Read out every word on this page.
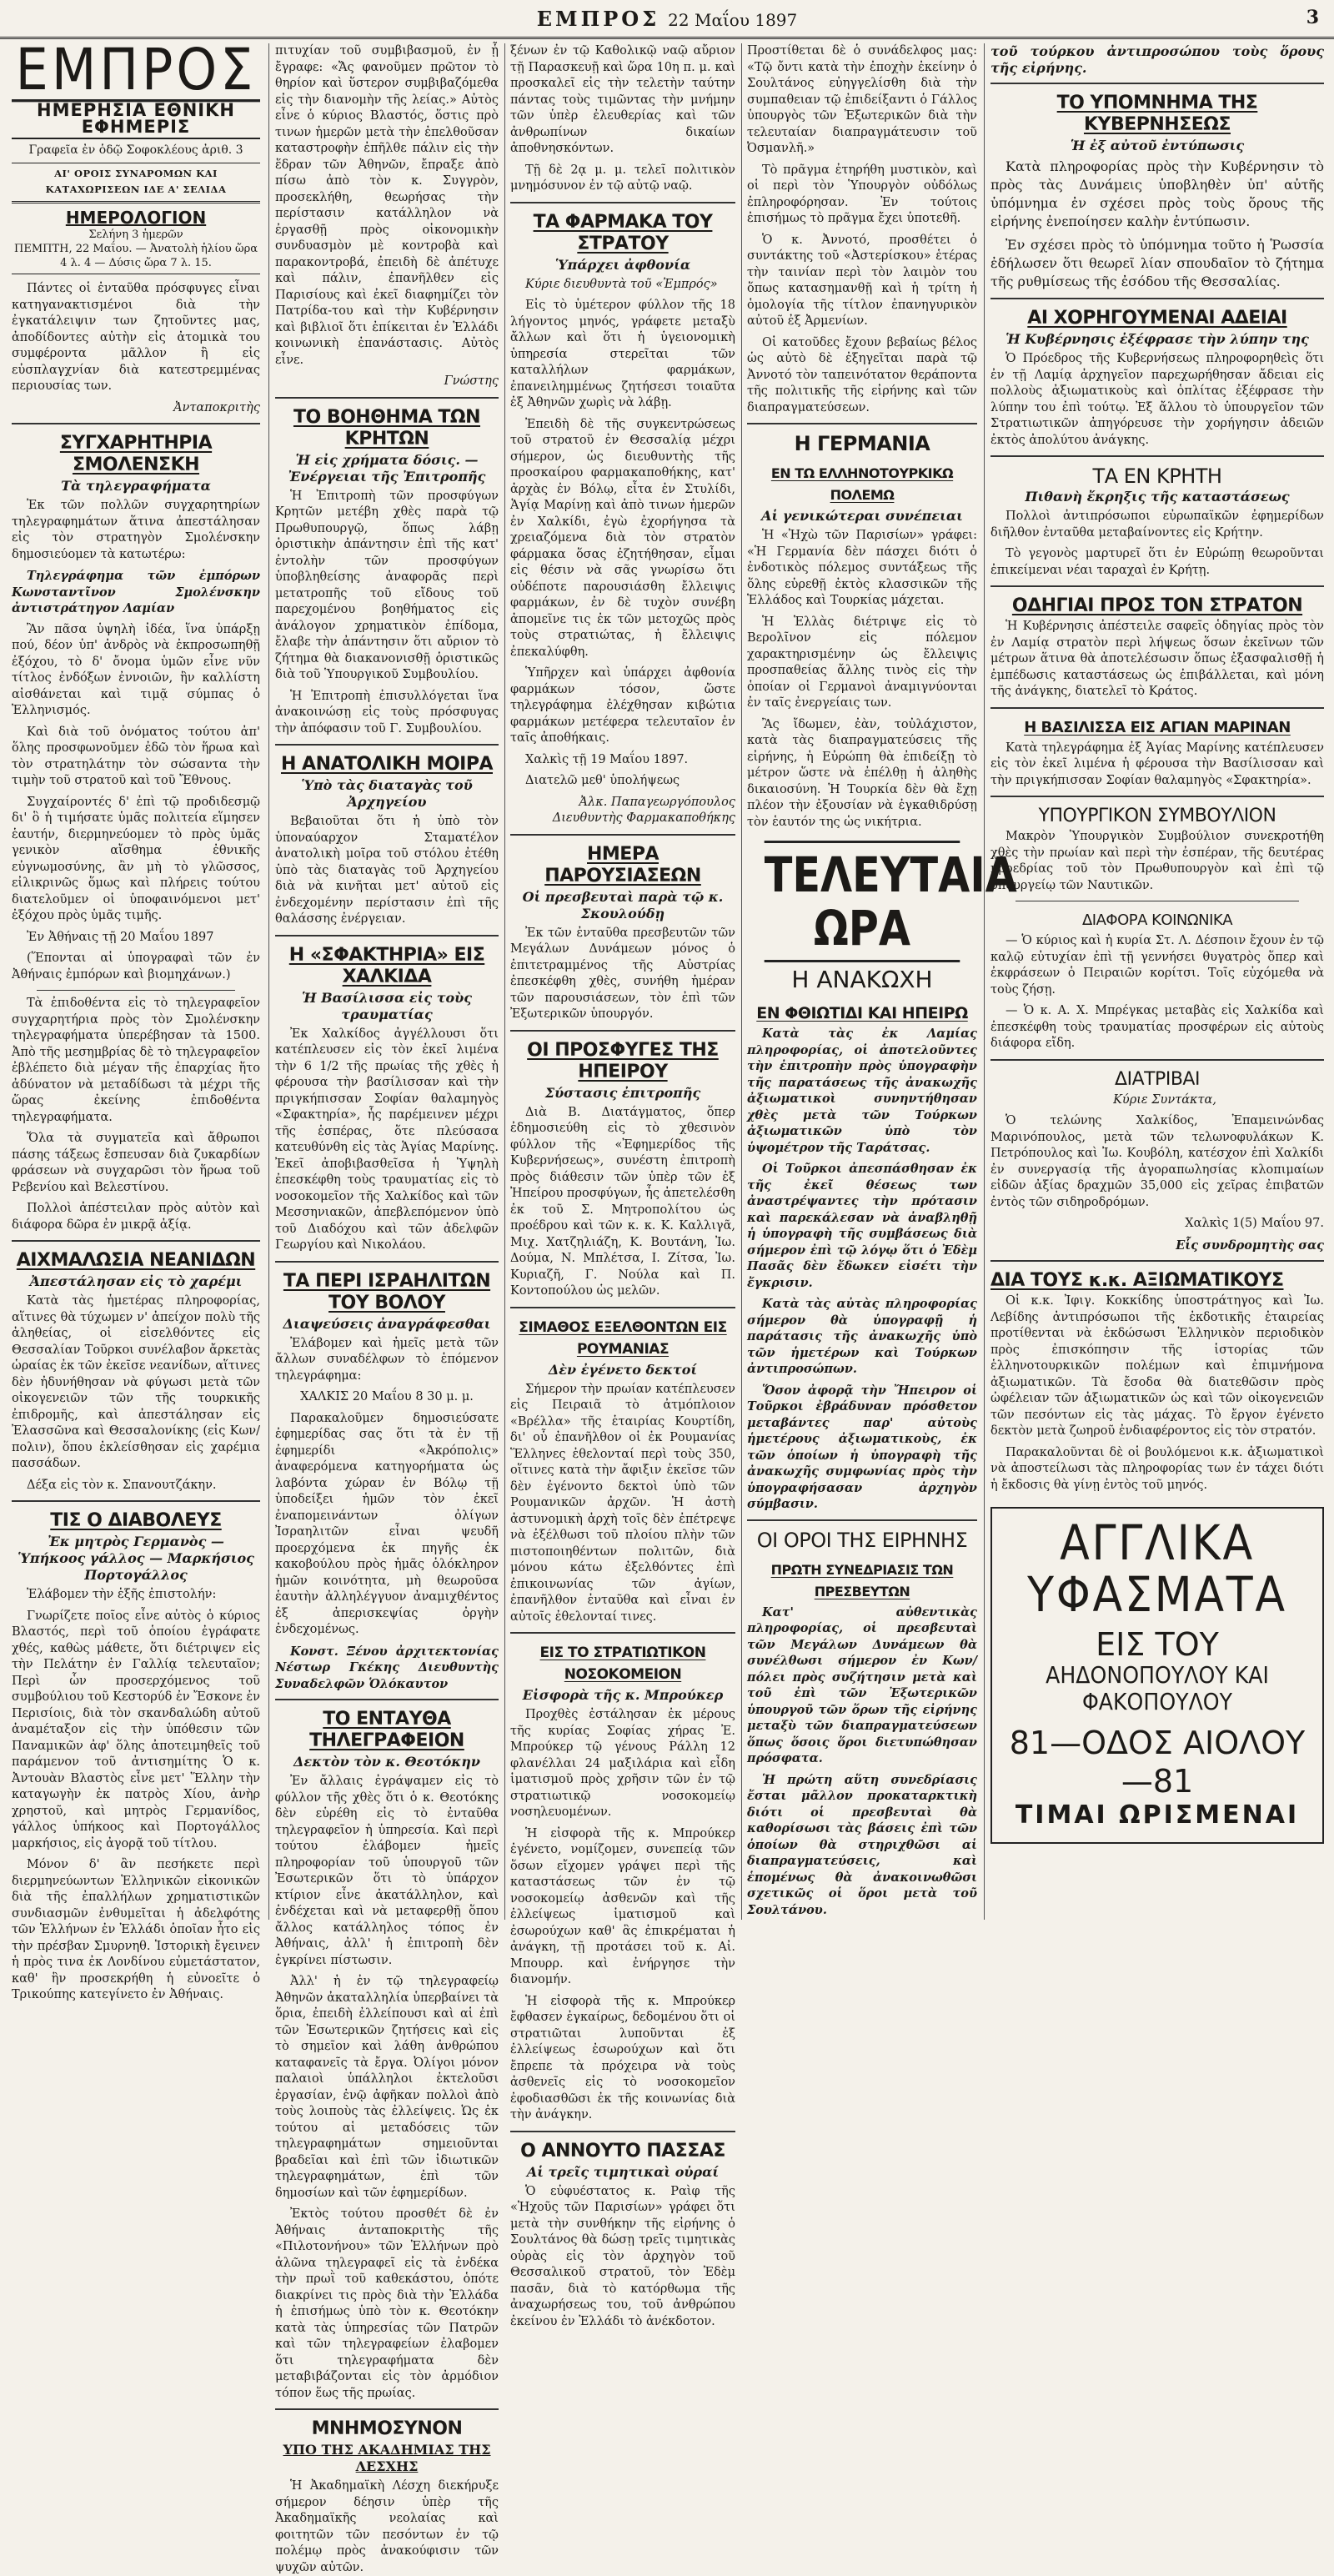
ΕΜΠΡΟΣ 22 Μαΐου 1897	3
ΕΜΠΡΟΣ
ΗΜΕΡΗΣΙΑ ΕΘΝΙΚΗ ΕΦΗΜΕΡΙΣ
Γραφεῖα ἐν ὁδῷ Σοφοκλέους ἀριθ. 3
ΑΙ' ΟΡΟΙΣ ΣΥΝΑΡΟΜΩΝ ΚΑΙ ΚΑΤΑΧΩΡΙΣΕΩΝ ΙΔΕ Α' ΣΕΛΙΔΑ
ΗΜΕΡΟΛΟΓΙΟΝ
Σελήνη 3 ἡμερῶν
ΠΕΜΠΤΗ, 22 Μαΐου. — Ἀνατολὴ ἡλίου ὥρα 4 λ. 4 — Δύσις ὥρα 7 λ. 15.

Πάντες οἱ ἐνταῦθα πρόσφυγες εἶναι κατηγανακτισμένοι διὰ τὴν ἐγκατάλειψιν των ζητοῦντες μας, ἀποδίδοντες αὐτὴν εἰς ἀτομικὰ του συμφέροντα μᾶλλον ἢ εἰς εὐσπλαγχνίαν διὰ κατεστρεμμένας περιουσίας των.

Ἀνταποκριτὴς
ΣΥΓΧΑΡΗΤΗΡΙΑ ΣΜΟΛΕΝΣΚΗ
Τὰ τηλεγραφήματα

Ἐκ τῶν πολλῶν συγχαρητηρίων τηλεγραφημάτων ἅτινα ἀπεστάλησαν εἰς τὸν στρατηγὸν Σμολένσκην δημοσιεύομεν τὰ κατωτέρω:

Τηλεγράφημα τῶν ἐμπόρων Κωνσταντῖνον Σμολένσκην ἀντιστράτηγον Λαμίαν

Ἂν πᾶσα ὑψηλὴ ἰδέα, ἵνα ὑπάρξῃ πού, δέον ὑπ' ἀνδρὸς νὰ ἐκπροσωπηθῇ ἐξόχου, τὸ δ' ὄνομα ὑμῶν εἶνε νῦν τίτλος ἐνδόξων ἐννοιῶν, ἣν καλλίστη αἰσθάνεται καὶ τιμᾷ σύμπας ὁ Ἑλληνισμός.

Καὶ διὰ τοῦ ὀνόματος τούτου ἀπ' ὅλης προσφωνοῦμεν ἐδῶ τὸν ἥρωα καὶ τὸν στρατηλάτην τὸν σώσαντα τὴν τιμὴν τοῦ στρατοῦ καὶ τοῦ Ἔθνους.

Συγχαίροντές δ' ἐπὶ τῷ προδιδεσμῷ δι' ὃ ἡ τιμήσατε ὑμᾶς πολιτεία εἵμησεν ἑαυτήν, διερμηνεύομεν τὸ πρὸς ὑμᾶς γενικὸν αἴσθημα ἐθνικῆς εὐγνωμοσύνης, ἂν μὴ τὸ γλῶσσος, εἰλικρινῶς ὅμως καὶ πλήρεις τούτου διατελοῦμεν οἱ ὑποφαινόμενοι μετ' ἐξόχου πρὸς ὑμᾶς τιμῆς.

Ἐν Ἀθήναις τῇ 20 Μαΐου 1897

(Ἕπονται αἱ ὑπογραφαὶ τῶν ἐν Ἀθήναις ἐμπόρων καὶ βιομηχάνων.)

Τὰ ἐπιδοθέντα εἰς τὸ τηλεγραφεῖον συγχαρητήρια πρὸς τὸν Σμολένσκην τηλεγραφήματα ὑπερέβησαν τὰ 1500. Ἀπὸ τῆς μεσημβρίας δὲ τὸ τηλεγραφεῖον ἐβλέπετο διὰ μέγαν τῆς ἐπαρχίας ἥτο ἀδύνατον νὰ μεταδίδωσι τὰ μέχρι τῆς ὥρας ἐκείνης ἐπιδοθέντα τηλεγραφήματα.

Ὅλα τὰ συγματεῖα καὶ ἄθρωποι πάσης τάξεως ἔσπευσαν διὰ ζυκαρδίων φράσεων νὰ συγχαρῶσι τὸν ἥρωα τοῦ Ρεβενίου καὶ Βελεστίνου.

Πολλοὶ ἀπέστειλαν πρὸς αὐτὸν καὶ διάφορα δῶρα ἐν μικρᾷ ἀξίᾳ.

ΑΙΧΜΑΛΩΣΙΑ ΝΕΑΝΙΔΩΝ
Ἀπεστάλησαν εἰς τὸ χαρέμι

Κατὰ τὰς ἡμετέρας πληροφορίας, αἵτινες θὰ τύχωμεν ν' ἀπείχον πολὺ τῆς ἀληθείας, οἱ εἰσελθόντες εἰς Θεσσαλίαν Τοῦρκοι συνέλαβον ἄρκετὰς ὡραίας ἐκ τῶν ἐκεῖσε νεανίδων, αἵτινες δὲν ἠδυνήθησαν νὰ φύγωσι μετὰ τῶν οἰκογενειῶν τῶν τῆς τουρκικῆς ἐπιδρομῆς, καὶ ἀπεστάλησαν εἰς Ἐλασσῶνα καὶ Θεσσαλονίκης (εἰς Κων/πολιν), ὅπου ἐκλείσθησαν εἰς χαρέμια πασσάδων.

Δέξα εἰς τὸν κ. Σπανουτζάκην.

ΤΙΣ Ο ΔΙΑΒΟΛΕΥΣ
Ἐκ μητρὸς Γερμανὸς — Ὑπήκοος γάλλος — Μαρκήσιος Πορτογάλλος

Ἐλάβομεν τὴν ἑξῆς ἐπιστολήν:

Γνωρίζετε ποῖος εἶνε αὐτὸς ὁ κύριος Βλαστός, περὶ τοῦ ὁποίου ἐγράφατε χθές, καθὼς μάθετε, ὅτι διέτριψεν εἰς τὴν Πελάτην ἐν Γαλλίᾳ τελευταῖον; Περὶ ὧν προσερχόμενος τοῦ συμβούλιου τοῦ Κεστορύδ ἐν Ἔσκονε ἐν Περισίοις, διὰ τὸν σκανδαλώδη αὐτοῦ ἀναμέταξον εἰς τὴν ὑπόθεσιν τῶν Παναμικῶν ἀφ' ὅλης ἀποτειμηθεῖς τοῦ παράμενον τοῦ ἀντισημίτης Ὁ κ. Ἀντουὰν Βλαστὸς εἶνε μετ' Ἕλλην τὴν καταγωγὴν ἐκ πατρὸς Χίου, ἀνὴρ χρηστοῦ, καὶ μητρὸς Γερμανίδος, γάλλος ὑπήκοος καὶ Πορτογάλλος μαρκήσιος, εἰς ἀγορᾷ τοῦ τίτλου.

Μόνον δ' ἂν πεσήκετε περὶ διερμηνεύωντων Ἑλληνικῶν εἰκονικῶν διὰ τῆς ἐπαλλήλων χρηματιστικῶν συνδιασμῶν ἐνθυμεῖται ἡ ἀδελφότης τῶν Ἑλλήνων ἐν Ἑλλάδι ὁποῖαν ἦτο εἰς τὴν πρέσβαν Σμυρνηθ. Ἱστορικὴ ἔγεινεν ἡ πρὸς τινα ἐκ Λονδίνου εὐμετάστατον, καθ' ἣν προσεκρήθη ἡ εὐνοεῖτε ὁ Τρικούπης κατεγίνετο ἐν Ἀθήναις.

πιτυχίαν τοῦ συμβιβασμοῦ, ἐν ᾗ ἔγραφε: «Ἄς φανοῦμεν πρῶτον τὸ θηρίον καὶ ὕστερον συμβιβαζόμεθα εἰς τὴν διανομὴν τῆς λείας.» Αὐτὸς εἶνε ὁ κύριος Βλαστός, ὅστις πρὸ τινων ἡμερῶν μετὰ τὴν ἐπελθοῦσαν καταστροφὴν ἐπῆλθε πάλιν εἰς τὴν ἕδραν τῶν Ἀθηνῶν, ἔπραξε ἀπὸ πίσω ἀπὸ τὸν κ. Συγγρὸν, προσεκλήθη, θεωρήσας τὴν περίστασιν κατάλληλον νὰ ἐργασθῇ πρὸς οἰκονομικὴν συνδυασμὸν μὲ κοντροβὰ καὶ παρακοντροβά, ἐπειδὴ δὲ ἀπέτυχε καὶ πάλιν, ἐπανῆλθεν εἰς Παρισίους καὶ ἐκεῖ διαφημίζει τὸν Πατρίδα-του καὶ τὴν Κυβέρνησιν καὶ βιβλιοῖ ὅτι ἐπίκειται ἐν Ἑλλάδι κοινωνικὴ ἐπανάστασις. Αὐτὸς εἶνε.

Γνώστης
ΤΟ ΒΟΗΘΗΜΑ ΤΩΝ ΚΡΗΤΩΝ
Ἡ εἰς χρήματα δόσις. — Ἐνέργειαι τῆς Ἐπιτροπῆς

Ἡ Ἐπιτροπὴ τῶν προσφύγων Κρητῶν μετέβη χθὲς παρὰ τῷ Πρωθυπουργῷ, ὅπως λάβῃ ὁριστικὴν ἀπάντησιν ἐπὶ τῆς κατ' ἐντολὴν τῶν προσφύγων ὑποβληθείσης ἀναφορᾶς περὶ μετατροπῆς τοῦ εἴδους τοῦ παρεχομένου βοηθήματος εἰς ἀνάλογον χρηματικὸν ἐπίδομα, ἔλαβε τὴν ἀπάντησιν ὅτι αὔριον τὸ ζήτημα θὰ διακανονισθῇ ὁριστικῶς διὰ τοῦ Ὑπουργικοῦ Συμβουλίου.

Ἡ Ἐπιτροπὴ ἐπισυλλόγεται ἵνα ἀνακοινώσῃ εἰς τοὺς πρόσφυγας τὴν ἀπόφασιν τοῦ Γ. Συμβουλίου.

Η ΑΝΑΤΟΛΙΚΗ ΜΟΙΡΑ
Ὑπὸ τὰς διαταγὰς τοῦ Ἀρχηγείου

Βεβαιοῦται ὅτι ἡ ὑπὸ τὸν ὑποναύαρχον Σταματέλον ἀνατολικὴ μοῖρα τοῦ στόλου ἐτέθη ὑπὸ τὰς διαταγὰς τοῦ Ἀρχηγείου διὰ νὰ κινῆται μετ' αὐτοῦ εἰς ἐνδεχομένην περίστασιν ἐπὶ τῆς θαλάσσης ἐνέργειαν.

Η «ΣΦΑΚΤΗΡΙΑ» ΕΙΣ ΧΑΛΚΙΔΑ
Ἡ Βασίλισσα εἰς τοὺς τραυματίας

Ἐκ Χαλκίδος ἀγγέλλουσι ὅτι κατέπλευσεν εἰς τὸν ἐκεῖ λιμένα τὴν 6 1/2 τῆς πρωίας τῆς χθὲς ἡ φέρουσα τὴν βασίλισσαν καὶ τὴν πριγκήπισσαν Σοφίαν θαλαμηγὸς «Σφακτηρία», ἧς παρέμεινεν μέχρι τῆς ἑσπέρας, ὅτε πλεύσασα κατευθύνθη εἰς τὰς Ἁγίας Μαρίνης. Ἐκεῖ ἀποβιβασθεῖσα ἡ Ὑψηλὴ ἐπεσκέφθη τοὺς τραυματίας εἰς τὸ νοσοκομεῖον τῆς Χαλκίδος καὶ τῶν Μεσσηνιακῶν, ἀπεβλεπόμενον ὑπὸ τοῦ Διαδόχου καὶ τῶν ἀδελφῶν Γεωργίου καὶ Νικολάου.

ΤΑ ΠΕΡΙ ΙΣΡΑΗΛΙΤΩΝ ΤΟΥ ΒΟΛΟΥ
Διαψεύσεις ἀναγράφεσθαι

Ἐλάβομεν καὶ ἡμεῖς μετὰ τῶν ἄλλων συναδέλφων τὸ ἑπόμενον τηλεγράφημα:

ΧΑΛΚΙΣ 20 Μαΐου 8 30 μ. μ.

Παρακαλοῦμεν δημοσιεύσατε ἐφημερίδας σας ὅτι τὰ ἐν τῇ ἐφημερίδι «Ἀκρόπολις» ἀναφερόμενα κατηγορήματα ὡς λαβόντα χώραν ἐν Βόλῳ τῇ ὑποδείξει ἡμῶν τὸν ἐκεῖ ἐναπομεινάντων ὀλίγων Ἰσραηλιτῶν εἶναι ψευδῆ προερχόμενα ἐκ πηγῆς ἐκ κακοβούλου πρὸς ἡμᾶς ὁλόκληρον ἡμῶν κοινότητα, μὴ θεωροῦσα ἑαυτὴν ἀλληλέγγυον ἀναμιχθέντος ἐξ ἀπερισκεψίας ὀργὴν ἐνδεχομένως.

Κονστ. Ξένου ἀρχιτεκτονίας Νέστωρ Γκέκης Διευθυντὴς Συναδελφῶν Ὁλόκαυτον

ΤΟ ΕΝΤΑΥΘΑ ΤΗΛΕΓΡΑΦΕΙΟΝ
Δεκτὸν τὸν κ. Θεοτόκην

Ἐν ἄλλαις ἐγράψαμεν εἰς τὸ φύλλον τῆς χθὲς ὅτι ὁ κ. Θεοτόκης δὲν εὑρέθη εἰς τὸ ἐνταῦθα τηλεγραφεῖον ἡ ὑπηρεσία. Καὶ περὶ τούτου ἐλάβομεν ἡμεῖς πληροφορίαν τοῦ ὑπουργοῦ τῶν Ἐσωτερικῶν ὅτι τὸ ὑπάρχον κτίριον εἶνε ἀκατάλληλον, καὶ ἐνδέχεται καὶ νὰ μεταφερθῇ ὅπου ἄλλος κατάλληλος τόπος ἐν Ἀθήναις, ἀλλ' ἡ ἐπιτροπὴ δὲν ἐγκρίνει πίστωσιν.

Ἀλλ' ἡ ἐν τῷ τηλεγραφείῳ Ἀθηνῶν ἀκαταλληλία ὑπερβαίνει τὰ ὅρια, ἐπειδὴ ἐλλείπουσι καὶ αἱ ἐπὶ τῶν Ἐσωτερικῶν ζητήσεις καὶ εἰς τὸ σημεῖον καὶ λάθη ἀνθρώπου καταφανεῖς τὰ ἔργα. Ὀλίγοι μόνον παλαιοὶ ὑπάλληλοι ἐκτελοῦσι ἐργασίαν, ἐνῷ ἀφῆκαν πολλοὶ ἀπὸ τοὺς λοιποὺς τὰς ἐλλείψεις. Ὡς ἐκ τούτου αἱ μεταδόσεις τῶν τηλεγραφημάτων σημειοῦνται βραδεῖαι καὶ ἐπὶ τῶν ἰδιωτικῶν τηλεγραφημάτων, ἐπὶ τῶν δημοσίων καὶ τῶν ἐφημερίδων.

Ἐκτὸς τούτου προσθέτ δὲ ἐν Ἀθήναις ἀνταποκριτὴς τῆς «Πιλοτονήνου» τῶν Ἑλλήνων πρὸ ἁλῶνα τηλεγραφεῖ εἰς τὰ ἐνδέκα τὴν πρωῒ τοῦ καθεκάστου, ὁπότε διακρίνει τις πρὸς διὰ τὴν Ἑλλάδα ἡ ἐπισήμως ὑπὸ τὸν κ. Θεοτόκην κατὰ τὰς ὑπηρεσίας τῶν Πατρῶν καὶ τῶν τηλεγραφείων ἐλαβομεν ὅτι τηλεγραφήματα δὲν μεταβιβάζονται εἰς τὸν ἀρμόδιον τόπον ἕως τῆς πρωίας.

ΜΝΗΜΟΣΥΝΟΝ
ΥΠΟ ΤΗΣ ΑΚΑΔΗΜΙΑΣ ΤΗΣ ΛΕΣΧΗΣ

Ἡ Ἀκαδημαϊκὴ Λέσχη διεκήρυξε σήμερον δέησιν ὑπὲρ τῆς Ἀκαδημαϊκῆς νεολαίας καὶ φοιτητῶν τῶν πεσόντων ἐν τῷ πολέμῳ πρὸς ἀνακούφισιν τῶν ψυχῶν αὐτῶν.

ξένων ἐν τῷ Καθολικῷ ναῷ αὔριον τῇ Παρασκευῇ καὶ ὥρα 10η π. μ. καὶ προσκαλεῖ εἰς τὴν τελετὴν ταύτην πάντας τοὺς τιμῶντας τὴν μνήμην τῶν ὑπὲρ ἐλευθερίας καὶ τῶν ἀνθρωπίνων δικαίων ἀποθνησκόντων.

Τῇ δὲ 2ᾳ μ. μ. τελεῖ πολιτικὸν μνημόσυνον ἐν τῷ αὐτῷ ναῷ.

ΤΑ ΦΑΡΜΑΚΑ ΤΟΥ ΣΤΡΑΤΟΥ
Ὑπάρχει ἀφθονία

Κύριε διευθυντὰ τοῦ «Ἐμπρός»

Εἰς τὸ ὑμέτερον φύλλον τῆς 18 λήγοντος μηνός, γράφετε μεταξὺ ἄλλων καὶ ὅτι ἡ ὑγειονομικὴ ὑπηρεσία στερεῖται τῶν καταλλήλων φαρμάκων, ἐπανειλημμένως ζητήσεσι τοιαῦτα ἐξ Ἀθηνῶν χωρὶς νὰ λάβῃ.

Ἐπειδὴ δὲ τῆς συγκεντρώσεως τοῦ στρατοῦ ἐν Θεσσαλίᾳ μέχρι σήμερον, ὡς διευθυντὴς τῆς προσκαίρου φαρμακαποθήκης, κατ' ἀρχὰς ἐν Βόλῳ, εἶτα ἐν Στυλίδι, Ἁγίᾳ Μαρίνῃ καὶ ἀπὸ τινων ἡμερῶν ἐν Χαλκίδι, ἐγὼ ἐχορήγησα τὰ χρειαζόμενα διὰ τὸν στρατὸν φάρμακα ὅσας ἐζητήθησαν, εἶμαι εἰς θέσιν νὰ σᾶς γνωρίσω ὅτι οὐδέποτε παρουσιάσθη ἔλλειψις φαρμάκων, ἐν δὲ τυχὸν συνέβη ἀπομεῖνε τις ἐκ τῶν μετοχῶς πρὸς τοὺς στρατιώτας, ἡ ἔλλειψις ἐπεκαλύφθη.

Ὑπῆρχεν καὶ ὑπάρχει ἀφθονία φαρμάκων τόσον, ὥστε τηλεγράφημα ἐλέχθησαν κιβώτια φαρμάκων μετέφερα τελευταῖον ἐν ταῖς ἀποθήκαις.

Χαλκὶς τῇ 19 Μαΐου 1897.

Διατελῶ μεθ' ὑπολήψεως

Ἀλκ. Παπαγεωργόπουλος Διευθυντὴς Φαρμακαποθήκης
ΗΜΕΡΑ ΠΑΡΟΥΣΙΑΣΕΩΝ
Οἱ πρεσβευταὶ παρὰ τῷ κ. Σκουλούδῃ

Ἐκ τῶν ἐνταῦθα πρεσβευτῶν τῶν Μεγάλων Δυνάμεων μόνος ὁ ἐπιτετραμμένος τῆς Αὐστρίας ἐπεσκέφθη χθὲς, συνήθη ἡμέραν τῶν παρουσιάσεων, τὸν ἐπὶ τῶν Ἐξωτερικῶν ὑπουργόν.

ΟΙ ΠΡΟΣΦΥΓΕΣ ΤΗΣ ΗΠΕΙΡΟΥ
Σύστασις ἐπιτροπῆς

Διὰ Β. Διατάγματος, ὅπερ ἐδημοσιεύθη εἰς τὸ χθεσινὸν φύλλον τῆς «Ἐφημερίδος τῆς Κυβερνήσεως», συνέστη ἐπιτροπὴ πρὸς διάθεσιν τῶν ὑπὲρ τῶν ἐξ Ἠπείρου προσφύγων, ἧς ἀπετελέσθη ἐκ τοῦ Σ. Μητροπολίτου ὡς προέδρου καὶ τῶν κ. κ. Κ. Καλλιγᾶ, Μιχ. Χατζηλιάζη, Κ. Βουτάνη, Ἰω. Δούμα, Ν. Μπλέτσα, Ι. Ζίτσα, Ἰω. Κυριαζῆ, Γ. Νούλα καὶ Π. Κοντοπούλου ὡς μελῶν.

ΣΙΜΑΘΟΣ ΕΞΕΛΘΟΝΤΩΝ ΕΙΣ ΡΟΥΜΑΝΙΑΣ
Δὲν ἐγένετο δεκτοί

Σήμερον τὴν πρωίαν κατέπλευσεν εἰς Πειραιᾶ τὸ ἀτμόπλοιον «Βρέλλα» τῆς ἑταιρίας Κουρτίδη, δι' οὗ ἐπανῆλθον οἱ ἐκ Ρουμανίας Ἕλληνες ἐθελονταί περὶ τοὺς 350, οἵτινες κατὰ τὴν ἄφιξιν ἐκεῖσε τῶν δὲν ἐγένοντο δεκτοὶ ὑπὸ τῶν Ρουμανικῶν ἀρχῶν. Ἡ ἀστὴ ἀστυνομικὴ ἀρχὴ τοῖς δὲν ἐπέτρεψε νὰ ἐξέλθωσι τοῦ πλοίου πλὴν τῶν πιστοποιηθέντων πολιτῶν, διὰ μόνου κάτω ἐξελθόντες ἐπὶ ἐπικοινωνίας τῶν ἀγίων, ἐπανῆλθον ἐνταῦθα καὶ εἶναι ἐν αὐτοῖς ἐθελονταί τινες.

ΕΙΣ ΤΟ ΣΤΡΑΤΙΩΤΙΚΟΝ ΝΟΣΟΚΟΜΕΙΟΝ
Εἰσφορὰ τῆς κ. Μπρούκερ

Προχθὲς ἐστάλησαν ἐκ μέρους τῆς κυρίας Σοφίας χήρας Ἐ. Μπρούκερ τῷ γένους Ράλλη 12 φλανέλλαι 24 μαξιλάρια καὶ εἶδη ἱματισμοῦ πρὸς χρῆσιν τῶν ἐν τῷ στρατιωτικῷ νοσοκομείῳ νοσηλευομένων.

Ἡ εἰσφορὰ τῆς κ. Μπρούκερ ἐγένετο, νομίζομεν, συνεπείᾳ τῶν ὅσων εἴχομεν γράψει περὶ τῆς καταστάσεως τῶν ἐν τῷ νοσοκομείῳ ἀσθενῶν καὶ τῆς ἐλλείψεως ἱματισμοῦ καὶ ἐσωρούχων καθ' ἃς ἐπικρέμαται ἡ ἀνάγκη, τῇ προτάσει τοῦ κ. Αἰ. Μπουρρ. καὶ ἐνήργησε τὴν διανομήν.

Ἡ εἰσφορὰ τῆς κ. Μπρούκερ ἔφθασεν ἐγκαίρως, δεδομένου ὅτι οἱ στρατιῶται λυποῦνται ἐξ ἐλλείψεως ἐσωρούχων καὶ ὅτι ἔπρεπε τὰ πρόχειρα νὰ τοὺς ἀσθενεῖς εἰς τὸ νοσοκομεῖον ἐφοδιασθῶσι ἐκ τῆς κοινωνίας διὰ τὴν ἀνάγκην.

Ο ΑΝΝΟΥΤΟ ΠΑΣΣΑΣ
Αἱ τρεῖς τιμητικαὶ οὐραί

Ὁ εὐφυέστατος κ. Ραὶφ τῆς «Ἡχοῦς τῶν Παρισίων» γράφει ὅτι μετὰ τὴν συνθήκην τῆς εἰρήνης ὁ Σουλτάνος θὰ δώσῃ τρεῖς τιμητικὰς οὐρὰς εἰς τὸν ἀρχηγὸν τοῦ Θεσσαλικοῦ στρατοῦ, τὸν Ἐδὲμ πασᾶν, διὰ τὸ κατόρθωμα τῆς ἀναχωρήσεως του, τοῦ ἀνθρώπου ἐκείνου ἐν Ἑλλάδι τὸ ἀνέκδοτον.

Προστίθεται δὲ ὁ συνάδελφος μας: «Τῷ ὄντι κατὰ τὴν ἐποχὴν ἐκείνην ὁ Σουλτάνος εὐηγγελίσθη διὰ τὴν συμπαθειαν τῷ ἐπιδείξαντι ὁ Γάλλος ὑπουργὸς τῶν Ἐξωτερικῶν διὰ τὴν τελευταίαν διαπραγμάτευσιν τοῦ Ὀσμανλῆ.»

Τὸ πρᾶγμα ἐτηρήθη μυστικὸν, καὶ οἱ περὶ τὸν Ὑπουργὸν οὐδόλως ἐπληροφόρησαν. Ἐν τούτοις ἐπισήμως τὸ πρᾶγμα ἔχει ὑποτεθῆ.

Ὁ κ. Ἀννοτό, προσθέτει ὁ συντάκτης τοῦ «Ἀστερίσκου» ἑτέρας τὴν ταινίαν περὶ τὸν λαιμὸν του ὅπως κατασημανθῇ καὶ ἡ τρίτη ἡ ὁμολογία τῆς τίτλον ἐπανηγυρικὸν αὐτοῦ ἐξ Ἀρμενίων.

Οἱ κατοῦδες ἔχουν βεβαίως βέλος ὡς αὐτὸ δὲ ἐξηγεῖται παρὰ τῷ Ἀννοτό τὸν ταπεινότατον θεράποντα τῆς πολιτικῆς τῆς εἰρήνης καὶ τῶν διαπραγματεύσεων.

Η ΓΕΡΜΑΝΙΑ
ΕΝ ΤΩ ΕΛΛΗΝΟΤΟΥΡΚΙΚΩ ΠΟΛΕΜΩ
Αἱ γενικώτεραι συνέπειαι

Ἡ «Ἠχὼ τῶν Παρισίων» γράφει: «Ἡ Γερμανία δὲν πάσχει διότι ὁ ἐνδοτικὸς πόλεμος συντάξεως τῆς ὅλης εὑρεθῇ ἐκτὸς κλασσικῶν τῆς Ἑλλάδος καὶ Τουρκίας μάχεται.

Ἡ Ἑλλὰς διέτριψε εἰς τὸ Βερολῖνον εἰς πόλεμον χαρακτηρισμένην ὡς ἔλλειψις προσπαθείας ἄλλης τινὸς εἰς τὴν ὁποίαν οἱ Γερμανοὶ ἀναμιγνύονται ἐν ταῖς ἐνεργείαις των.

Ἂς ἴδωμεν, ἐὰν, τοὐλάχιστον, κατὰ τὰς διαπραγματεύσεις τῆς εἰρήνης, ἡ Εὐρώπη θὰ ἐπιδείξῃ τὸ μέτρον ὥστε νὰ ἐπέλθῃ ἡ ἀληθὴς δικαιοσύνη. Ἡ Τουρκία δὲν θὰ ἔχῃ πλέον τὴν ἐξουσίαν νὰ ἐγκαθιδρύσῃ τὸν ἑαυτόν της ὡς νικήτρια.

ΤΕΛΕΥΤΑΙΑ ΩΡΑ
Η ΑΝΑΚΩΧΗ
ΕΝ ΦΘΙΩΤΙΔΙ ΚΑΙ ΗΠΕΙΡΩ

Κατὰ τὰς ἐκ Λαμίας πληροφορίας, οἱ ἀποτελοῦντες τὴν ἐπιτροπὴν πρὸς ὑπογραφὴν τῆς παρατάσεως τῆς ἀνακωχῆς ἀξιωματικοὶ συνηντήθησαν χθὲς μετὰ τῶν Τούρκων ἀξιωματικῶν ὑπὸ τὸν ὑψομέτρον τῆς Ταράτσας.

Οἱ Τοῦρκοι ἀπεσπάσθησαν ἐκ τῆς ἐκεῖ θέσεως των ἀναστρέψαντες τὴν πρότασιν καὶ παρεκάλεσαν νὰ ἀναβληθῇ ἡ ὑπογραφὴ τῆς συμβάσεως διὰ σήμερον ἐπὶ τῷ λόγῳ ὅτι ὁ Ἐδὲμ Πασᾶς δὲν ἔδωκεν εἰσέτι τὴν ἔγκρισιν.

Κατὰ τὰς αὐτὰς πληροφορίας σήμερον θὰ ὑπογραφῇ ἡ παράτασις τῆς ἀνακωχῆς ὑπὸ τῶν ἡμετέρων καὶ Τούρκων ἀντιπροσώπων.

Ὅσον ἀφορᾷ τὴν Ἤπειρον οἱ Τοῦρκοι ἐβράδυναν πρόσθετον μεταβάντες παρ' αὐτοὺς ἡμετέρους ἀξιωματικοὺς, ἐκ τῶν ὁποίων ἡ ὑπογραφὴ τῆς ἀνακωχῆς συμφωνίας πρὸς τὴν ὑπογραφήσασαν ἀρχηγὸν σύμβασιν.

ΟΙ ΟΡΟΙ ΤΗΣ ΕΙΡΗΝΗΣ
ΠΡΩΤΗ ΣΥΝΕΔΡΙΑΣΙΣ ΤΩΝ ΠΡΕΣΒΕΥΤΩΝ

Κατ' αὐθεντικὰς πληροφορίας, οἱ πρεσβευταὶ τῶν Μεγάλων Δυνάμεων θὰ συνέλθωσι σήμερον ἐν Κων/πόλει πρὸς συζήτησιν μετὰ καὶ τοῦ ἐπὶ τῶν Ἐξωτερικῶν ὑπουργοῦ τῶν ὅρων τῆς εἰρήνης μεταξὺ τῶν διαπραγματεύσεων ὅπως ὅσοις ὅροι διετυπώθησαν πρόσφατα.

Ἡ πρώτη αὕτη συνεδρίασις ἔσται μᾶλλον προκαταρκτικὴ διότι οἱ πρεσβευταὶ θὰ καθορίσωσι τὰς βάσεις ἐπὶ τῶν ὁποίων θὰ στηριχθῶσι αἱ διαπραγματεύσεις, καὶ ἑπομένως θὰ ἀνακοινωθῶσι σχετικῶς οἱ ὅροι μετὰ τοῦ Σουλτάνου.

τοῦ τούρκου ἀντιπροσώπου τοὺς ὅρους τῆς εἰρήνης.

ΤΟ ΥΠΟΜΝΗΜΑ ΤΗΣ ΚΥΒΕΡΝΗΣΕΩΣ
Ἡ ἐξ αὐτοῦ ἐντύπωσις

Κατὰ πληροφορίας πρὸς τὴν Κυβέρνησιν τὸ πρὸς τὰς Δυνάμεις ὑποβληθὲν ὑπ' αὐτῆς ὑπόμνημα ἐν σχέσει πρὸς τοὺς ὅρους τῆς εἰρήνης ἐνεποίησεν καλὴν ἐντύπωσιν.

Ἐν σχέσει πρὸς τὸ ὑπόμνημα τοῦτο ἡ Ῥωσσία ἐδήλωσεν ὅτι θεωρεῖ λίαν σπουδαῖον τὸ ζήτημα τῆς ρυθμίσεως τῆς ἐσόδου τῆς Θεσσαλίας.

ΑΙ ΧΟΡΗΓΟΥΜΕΝΑΙ ΑΔΕΙΑΙ
Ἡ Κυβέρνησις ἐξέφρασε τὴν λύπην της

Ὁ Πρόεδρος τῆς Κυβερνήσεως πληροφορηθεὶς ὅτι ἐν τῇ Λαμίᾳ ἀρχηγεῖον παρεχωρήθησαν ἄδειαι εἰς πολλοὺς ἀξιωματικοὺς καὶ ὁπλίτας ἐξέφρασε τὴν λύπην του ἐπὶ τούτῳ. Ἐξ ἄλλου τὸ ὑπουργεῖον τῶν Στρατιωτικῶν ἀπηγόρευσε τὴν χορήγησιν ἀδειῶν ἐκτὸς ἀπολύτου ἀνάγκης.

ΤΑ ΕΝ ΚΡΗΤΗ
Πιθανὴ ἔκρηξις τῆς καταστάσεως

Πολλοὶ ἀντιπρόσωποι εὐρωπαϊκῶν ἐφημερίδων διῆλθον ἐνταῦθα μεταβαίνοντες εἰς Κρήτην.

Τὸ γεγονὸς μαρτυρεῖ ὅτι ἐν Εὐρώπῃ θεωροῦνται ἐπικείμεναι νέαι ταραχαὶ ἐν Κρήτῃ.

ΟΔΗΓΙΑΙ ΠΡΟΣ ΤΟΝ ΣΤΡΑΤΟΝ

Ἡ Κυβέρνησις ἀπέστειλε σαφεῖς ὁδηγίας πρὸς τὸν ἐν Λαμίᾳ στρατὸν περὶ λήψεως ὅσων ἐκεῖνων τῶν μέτρων ἅτινα θὰ ἀποτελέσωσιν ὅπως ἐξασφαλισθῇ ἡ ἐμπέδωσις καταστάσεως ὡς ἐπιβάλλεται, καὶ μόνη τῆς ἀνάγκης, διατελεῖ τὸ Κράτος.

Η ΒΑΣΙΛΙΣΣΑ ΕΙΣ ΑΓΙΑΝ ΜΑΡΙΝΑΝ

Κατὰ τηλεγράφημα ἐξ Ἁγίας Μαρίνης κατέπλευσεν εἰς τὸν ἐκεῖ λιμένα ἡ φέρουσα τὴν Βασίλισσαν καὶ τὴν πριγκήπισσαν Σοφίαν θαλαμηγὸς «Σφακτηρία».

ΥΠΟΥΡΓΙΚΟΝ ΣΥΜΒΟΥΛΙΟΝ

Μακρὸν Ὑπουργικὸν Συμβούλιον συνεκροτήθη χθὲς τὴν πρωίαν καὶ περὶ τὴν ἐσπέραν, τῆς δευτέρας προεδρίας τοῦ τὸν Πρωθυπουργὸν καὶ ἐπὶ τῷ ὑπουργείῳ τῶν Ναυτικῶν.

ΔΙΑΦΟΡΑ ΚΟΙΝΩΝΙΚΑ

— Ὁ κύριος καὶ ἡ κυρία Στ. Λ. Δέσποιν ἔχουν ἐν τῷ καλῷ εὐτυχίαν ἐπὶ τῇ γεννήσει θυγατρὸς ὅπερ καὶ ἐκφράσεων ὁ Πειραιῶν κορίτσι. Τοῖς εὐχόμεθα νὰ τοὺς ζήσῃ.

— Ὁ κ. Α. Χ. Μπρέγκας μεταβὰς εἰς Χαλκίδα καὶ ἐπεσκέφθη τοὺς τραυματίας προσφέρων εἰς αὐτοὺς διάφορα εἴδη.

ΔΙΑΤΡΙΒΑΙ

Κύριε Συντάκτα,

Ὁ τελώνης Χαλκίδος, Ἐπαμεινώνδας Μαρινόπουλος, μετὰ τῶν τελωνοφυλάκων Κ. Πετρόπουλος καὶ Ἰω. Κουβόλη, κατέσχον ἐπὶ Χαλκίδι ἐν συνεργασίᾳ τῆς ἀγοραπωλησίας κλοπιμαίων εἰδῶν ἀξίας δραχμῶν 35,000 εἰς χεῖρας ἐπιβατῶν ἐντὸς τῶν σιδηροδρόμων.

Χαλκὶς 1(5) Μαΐου 97.

Εἷς συνδρομητὴς σας
ΔΙΑ ΤΟΥΣ κ.κ. ΑΞΙΩΜΑΤΙΚΟΥΣ

Οἱ κ.κ. Ἰφιγ. Κοκκίδης ὑποστράτηγος καὶ Ἰω. Λεβίδης ἀντιπρόσωποι τῆς ἐκδοτικῆς ἑταιρείας προτίθενται νὰ ἐκδώσωσι Ἑλληνικὸν περιοδικὸν πρὸς ἐπισκόπησιν τῆς ἱστορίας τῶν ἑλληνοτουρκικῶν πολέμων καὶ ἐπιμνήμονα ἀξιωματικῶν. Τὰ ἔσοδα θὰ διατεθῶσιν πρὸς ὠφέλειαν τῶν ἀξιωματικῶν ὡς καὶ τῶν οἰκογενειῶν τῶν πεσόντων εἰς τὰς μάχας. Τὸ ἔργον ἐγένετο δεκτὸν μετὰ ζωηροῦ ἐνδιαφέροντος εἰς τὸν στρατόν.

Παρακαλοῦνται δὲ οἱ βουλόμενοι κ.κ. ἀξιωματικοὶ νὰ ἀποστείλωσι τὰς πληροφορίας των ἐν τάχει διότι ἡ ἔκδοσις θὰ γίνῃ ἐντὸς τοῦ μηνός.

ΑΓΓΛΙΚΑ ΥΦΑΣΜΑΤΑ
ΕΙΣ ΤΟΥ
ΑΗΔΟΝΟΠΟΥΛΟΥ ΚΑΙ ΦΑΚΟΠΟΥΛΟΥ
81—ΟΔΟΣ ΑΙΟΛΟΥ—81
ΤΙΜΑΙ ΩΡΙΣΜΕΝΑΙ
